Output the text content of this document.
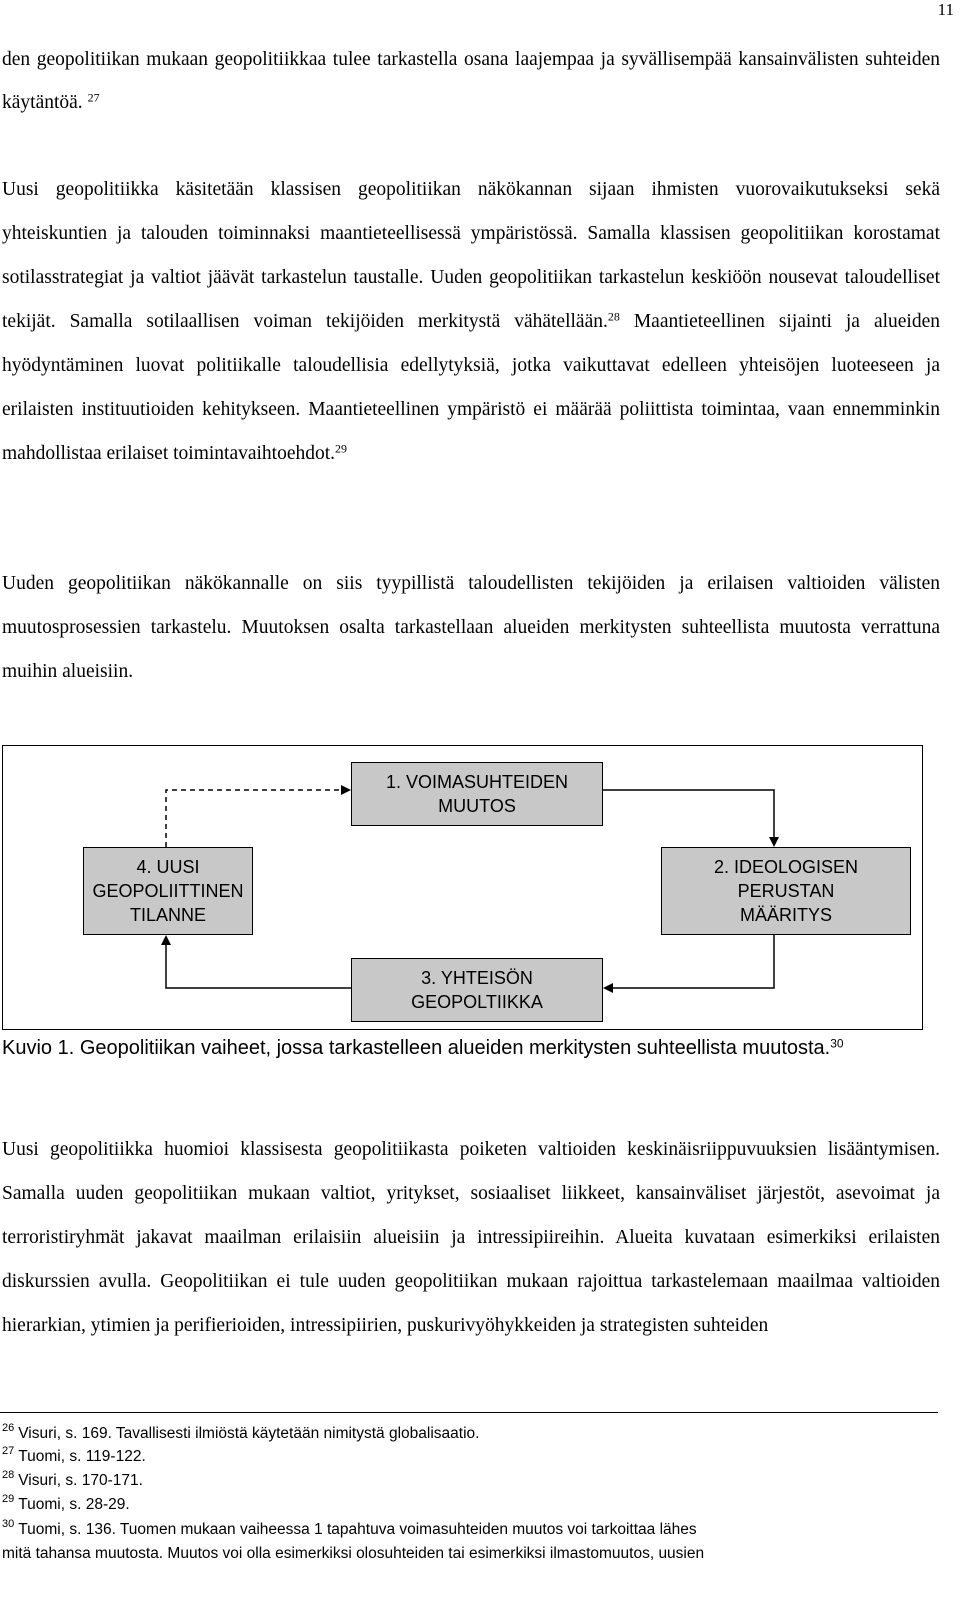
11

den geopolitiikan mukaan geopolitiikkaa tulee tarkastella osana laajempaa ja syvällisempää kansainvälisten suhteiden käytäntöä. $^{27}$

Uusi geopolitiikka käsitetään klassisen geopolitiikan näkökannan sijaan ihmisten vuorovaikutukseksi sekä yhteiskuntien ja talouden toiminnaksi maantieteellisessä ympäristössä. Samalla klassisen geopolitiikan korostamat sotilasstrategiat ja valtiot jäävät tarkastelun taustalle. Uuden geopolitiikan tarkastelun keskiöön nousevat taloudelliset tekijät. Samalla sotilaallisen voiman tekijöiden merkitystä vähätellään.$^{28}$ Maantieteellinen sijainti ja alueiden hyödyntäminen luovat politiikalle taloudellisia edellytyksiä, jotka vaikuttavat edelleen yhteisöjen luoteeseen ja erilaisten instituutioiden kehitykseen. Maantieteellinen ympäristö ei määrää poliittista toimintaa, vaan ennemminkin mahdollistaa erilaiset toimintavaihtoehdot.$^{29}$

Uuden geopolitiikan näkökannalle on siis tyypillistä taloudellisten tekijöiden ja erilaisen valtioiden välisten muutosprosessien tarkastelu. Muutoksen osalta tarkastellaan alueiden merkitysten suhteellista muutosta verrattuna muihin alueisiin.

1. VOIMASUHTEIDEN
MUUTOS
2. IDEOLOGISEN
PERUSTAN
MÄÄRITYS
3. YHTEISÖN
GEOPOLTIIKKA
4. UUSI
GEOPOLIITTINEN
TILANNE

Kuvio 1. Geopolitiikan vaiheet, jossa tarkastelleen alueiden merkitysten suhteellista muutosta.$^{30}$

Uusi geopolitiikka huomioi klassisesta geopolitiikasta poiketen valtioiden keskinäisriippuvuuksien lisääntymisen. Samalla uuden geopolitiikan mukaan valtiot, yritykset, sosiaaliset liikkeet, kansainväliset järjestöt, asevoimat ja terroristiryhmät jakavat maailman erilaisiin alueisiin ja intressipiireihin. Alueita kuvataan esimerkiksi erilaisten diskurssien avulla. Geopolitiikan ei tule uuden geopolitiikan mukaan rajoittua tarkastelemaan maailmaa valtioiden hierarkian, ytimien ja perifierioiden, intressipiirien, puskurivyöhykkeiden ja strategisten suhteiden

$^{26}$ Visuri, s. 169. Tavallisesti ilmiöstä käytetään nimitystä globalisaatio.

$^{27}$ Tuomi, s. 119-122.

$^{28}$ Visuri, s. 170-171.

$^{29}$ Tuomi, s. 28-29.

$^{30}$ Tuomi, s. 136. Tuomen mukaan vaiheessa 1 tapahtuva voimasuhteiden muutos voi tarkoittaa lähes

mitä tahansa muutosta. Muutos voi olla esimerkiksi olosuhteiden tai esimerkiksi ilmastomuutos, uusien
